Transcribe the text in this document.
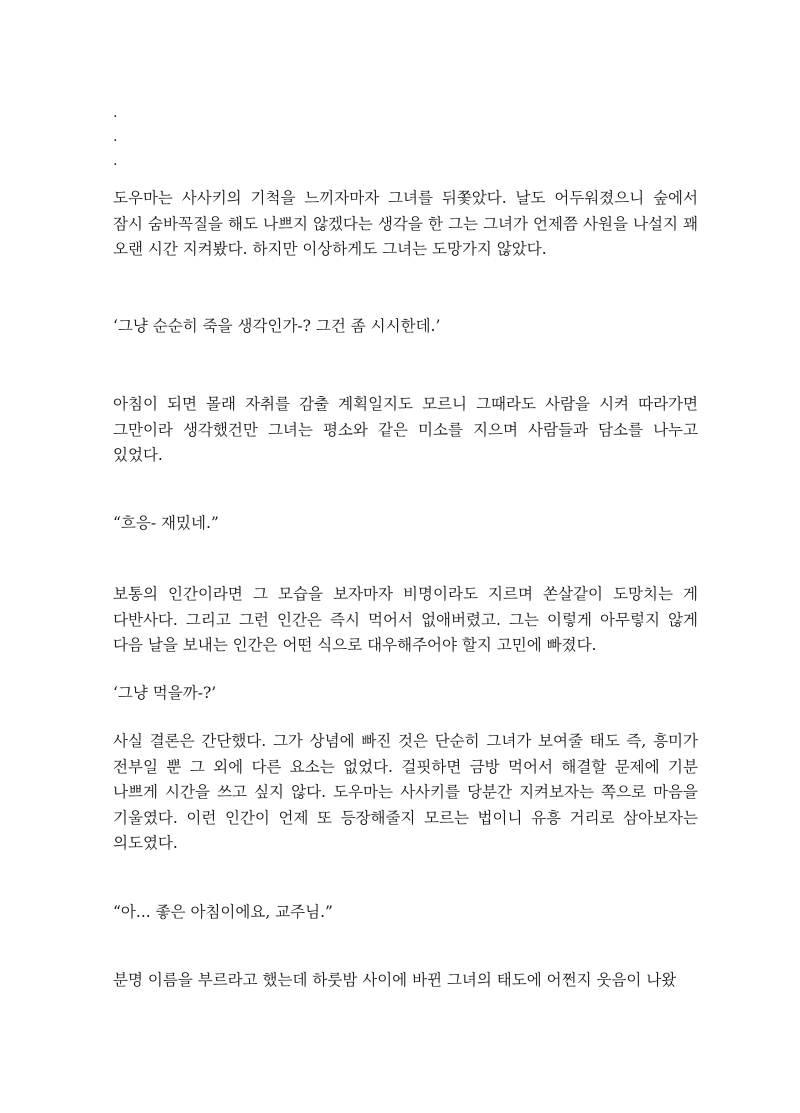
.
.
.

도우마는 사사키의 기척을 느끼자마자 그녀를 뒤쫓았다. 날도 어두워졌으니 숲에서 잠시 숨바꼭질을 해도 나쁘지 않겠다는 생각을 한 그는 그녀가 언제쯤 사원을 나설지 꽤 오랜 시간 지켜봤다. 하지만 이상하게도 그녀는 도망가지 않았다.

‘그냥 순순히 죽을 생각인가-? 그건 좀 시시한데.’

아침이 되면 몰래 자취를 감출 계획일지도 모르니 그때라도 사람을 시켜 따라가면 그만이라 생각했건만 그녀는 평소와 같은 미소를 지으며 사람들과 담소를 나누고 있었다.

“흐응- 재밌네.”

보통의 인간이라면 그 모습을 보자마자 비명이라도 지르며 쏜살같이 도망치는 게 다반사다. 그리고 그런 인간은 즉시 먹어서 없애버렸고. 그는 이렇게 아무렇지 않게 다음 날을 보내는 인간은 어떤 식으로 대우해주어야 할지 고민에 빠졌다.

‘그냥 먹을까-?’

사실 결론은 간단했다. 그가 상념에 빠진 것은 단순히 그녀가 보여줄 태도 즉, 흥미가 전부일 뿐 그 외에 다른 요소는 없었다. 걸핏하면 금방 먹어서 해결할 문제에 기분 나쁘게 시간을 쓰고 싶지 않다. 도우마는 사사키를 당분간 지켜보자는 쪽으로 마음을 기울였다. 이런 인간이 언제 또 등장해줄지 모르는 법이니 유흥 거리로 삼아보자는 의도였다.

“아... 좋은 아침이에요, 교주님.”

분명 이름을 부르라고 했는데 하룻밤 사이에 바뀐 그녀의 태도에 어쩐지 웃음이 나왔
